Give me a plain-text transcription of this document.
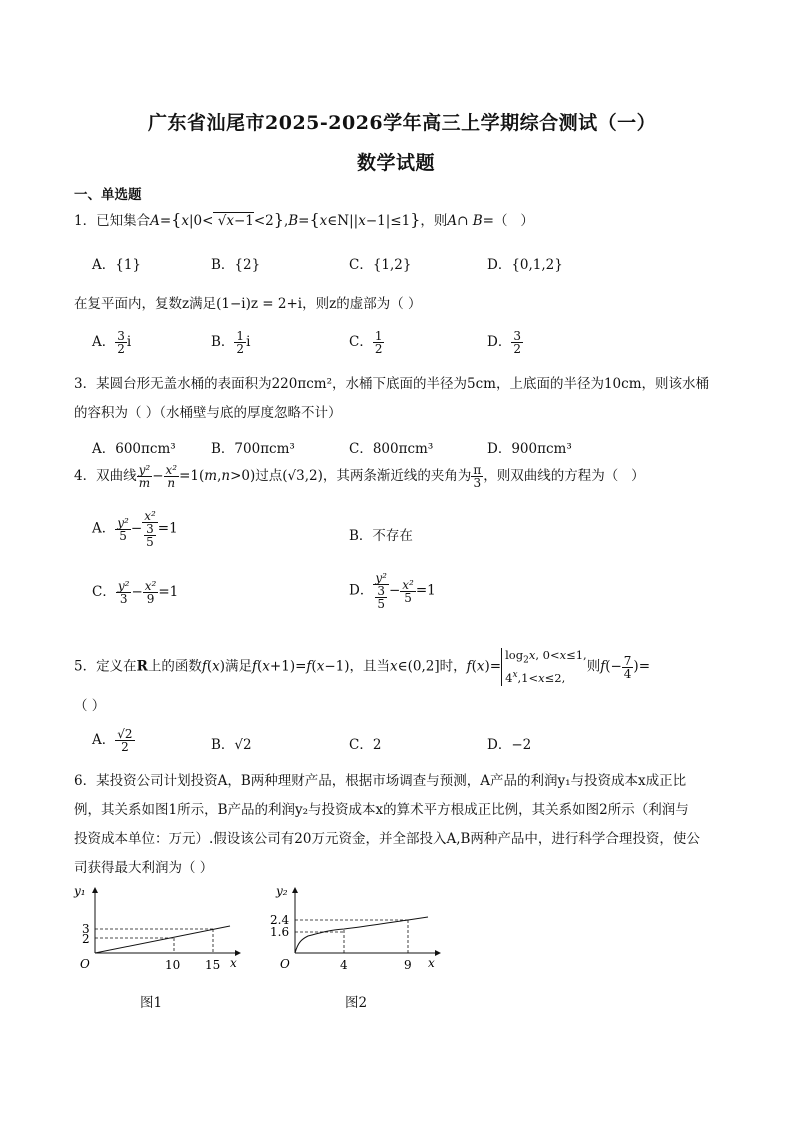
广东省汕尾市2025-2026学年高三上学期综合测试（一）
数学试题
一、单选题
1．已知集合A={x|0< √x−1<2},B={x∈N||x−1|≤1}，则A∩ B=（   ）
A．{1}	B．{2}	C．{1,2}	D．{0,1,2}
在复平面内，复数z满足(1−i)z = 2+i，则z的虚部为（ ）
A． $\frac{3}{2}$ i	B． $\frac{1}{2}$ i	C． $\frac{1}{2}$	D． $\frac{3}{2}$
3．某圆台形无盖水桶的表面积为220πcm²，水桶下底面的半径为5cm，上底面的半径为10cm，则该水桶
的容积为（ ）（水桶壁与底的厚度忽略不计）
A．600πcm³	B．700πcm³	C．800πcm³	D．900πcm³
4．双曲线 $\frac{\text{y²}}{m} - \frac{\text{x²}}{n} =1(m,n>0)$过点(√3,2)，其两条渐近线的夹角为 $\frac{\pi}{3}$ ，则双曲线的方程为（   ）
A． $\frac{\text{y²}}{5} - \frac{\text{x²}}{\frac{3}{5}} =1$	B．不存在
C． $\frac{\text{y²}}{3} - \frac{\text{x²}}{9} =1$	D． $\frac{\text{y²}}{\frac{3}{5}} - \frac{\text{x²}}{5} =1$
5．定义在R上的函数f(x)满足f(x+1)=f(x−1)，且当x∈(0,2]时，$f(x)=\log_2x$, 0<x≤1,
$4^x,1<x\le 2$,则$f(- \frac{7}{4}$ )=
（ ）
A． $\frac{√2}{2}$	B．√2	C．2	D．−2
6．某投资公司计划投资A，B两种理财产品，根据市场调查与预测，A产品的利润y₁与投资成本x成正比
例，其关系如图1所示，B产品的利润y₂与投资成本x的算术平方根成正比例，其关系如图2所示（利润与
投资成本单位：万元）.假设该公司有20万元资金，并全部投入A,B两种产品中，进行科学合理投资，使公
司获得最大利润为（ ）
y₁
3
2
O	10 15 x
图1
y₂
2.4
1.6
O	4	9 x
图2
